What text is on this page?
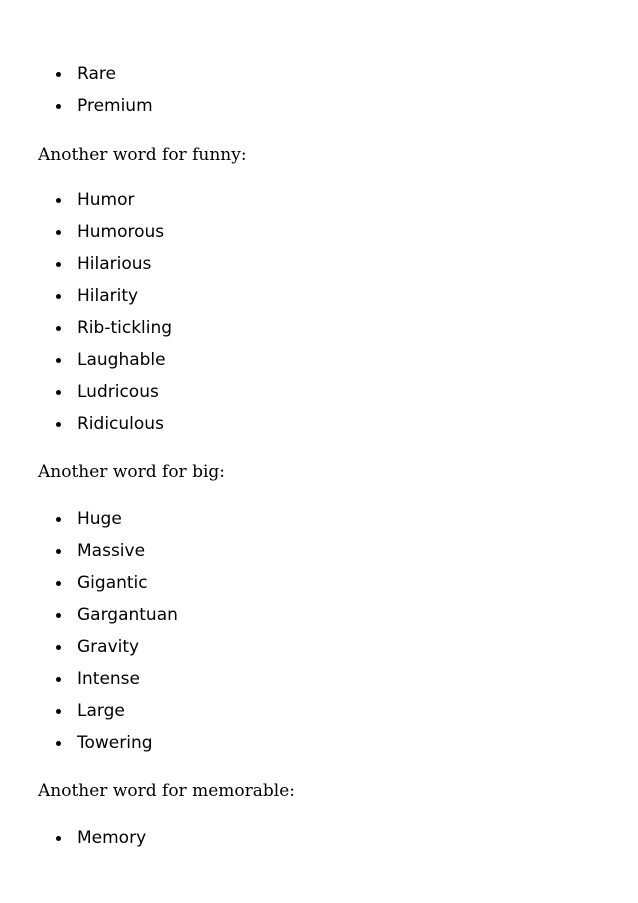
Rare
Premium
Another word for funny:
Humor
Humorous
Hilarious
Hilarity
Rib-tickling
Laughable
Ludricous
Ridiculous
Another word for big:
Huge
Massive
Gigantic
Gargantuan
Gravity
Intense
Large
Towering
Another word for memorable:
Memory
